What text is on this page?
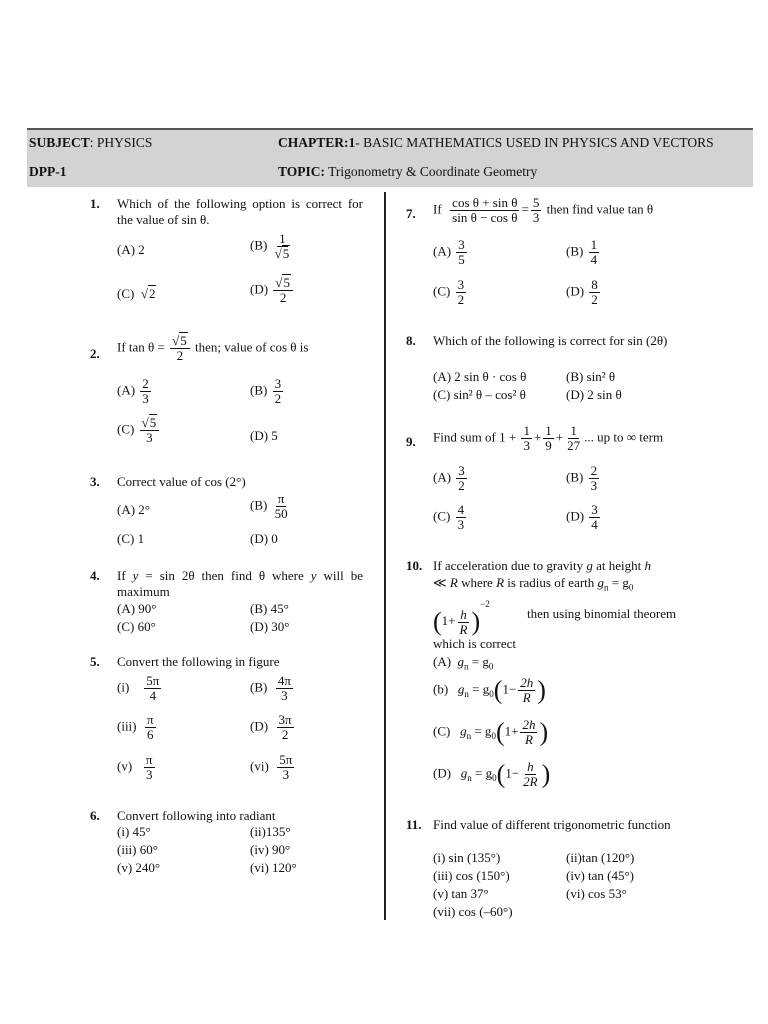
SUBJECT: PHYSICS	CHAPTER:1- BASIC MATHEMATICS USED IN PHYSICS AND VECTORS
DPP-1	TOPIC: Trigonometry & Coordinate Geometry
1. Which of the following option is correct for the value of sin θ.
(A) 2	$(B) \frac{1}{√5}$
(C)  √2	$(D) \frac{√5}{2}$
2. If $\tan \theta = \frac{√5}{2}$ then; value of cos θ is
$(A) \frac{2}{3}$	$(B) \frac{3}{2}$
$(C) \frac{√5}{3}$	(D) 5
3. Correct value of cos (2°)
(A) 2°	$(B) \frac{\pi}{50}$
(C) 1	(D) 0
4. If y = sin 2θ then find θ where y will be maximum
(A) 90°	(B) 45°
(C) 60°	(D) 30°
5. Convert the following in figure
$(i) \frac{5\pi}{4}$	$(B) \frac{4\pi}{3}$
$(iii) \frac{\pi}{6}$	$(D) \frac{3\pi}{2}$
$(v) \frac{\pi}{3}$	$(vi) \frac{5\pi}{3}$
6. Convert following into radiant
(i) 45°	(ii)135°
(iii) 60°	(iv) 90°
(v) 240°	(vi) 120°
7. If $\frac{\text{cos θ + sin θ}}{\text{sin θ − cos θ}} = \frac{5}{3}$ then find value tan θ
$(A) \frac{3}{5}$	$(B) \frac{1}{4}$
$(C) \frac{3}{2}$	$(D) \frac{8}{2}$
8. Which of the following is correct for sin (2θ)
(A) 2 sin θ · cos θ	(B) sin² θ
(C) sin² θ – cos² θ	(D) 2 sin θ
9. Find sum of $1 + \frac{1}{3} + \frac{1}{9} + \frac{1}{27}$ ... up to ∞ term
$(A) \frac{3}{2}$	$(B) \frac{2}{3}$
$(C) \frac{4}{3}$	$(D) \frac{3}{4}$
10. If acceleration due to gravity g at height h
≪ R where R is radius of earth $g_n = g_0$
$(1+ \frac{h}{R} )^{-2}$
then using binomial theorem
which is correct
(A) $g_n = g_0$
(b) $g_n = g_0(1- \frac{2h}{R}$ )
(C) $g_n = g_0(1+ \frac{2h}{R}$ )
(D) $g_n = g_0(1- \frac{h}{2R}$ )
11. Find value of different trigonometric function
(i) sin (135°)	(ii)tan (120°)
(iii) cos (150°)	(iv) tan (45°)
(v) tan 37°	(vi) cos 53°
(vii) cos (–60°)
